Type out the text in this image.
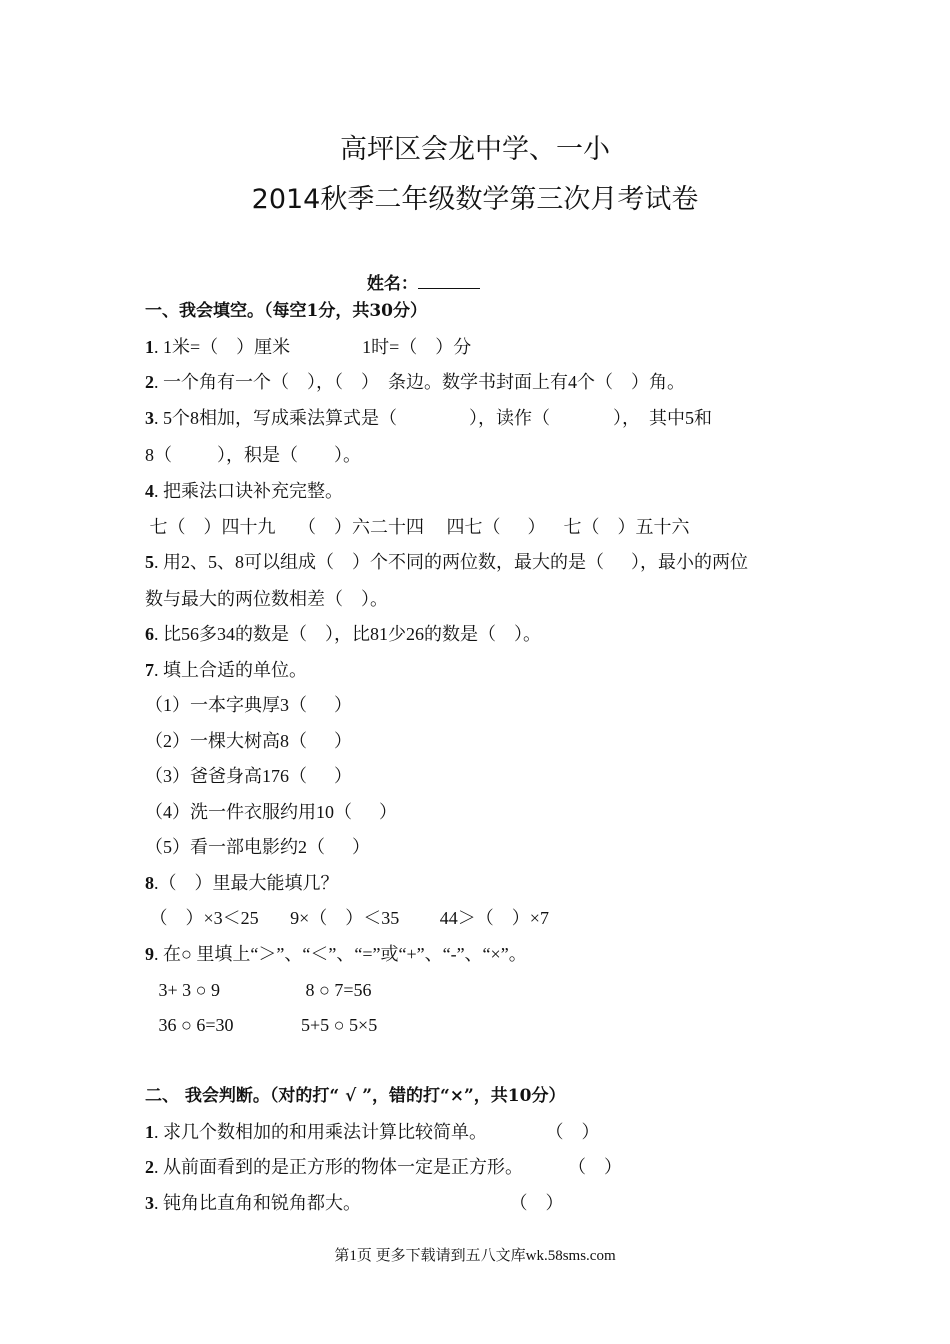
高坪区会龙中学、一小
2014秋季二年级数学第三次月考试卷

姓名：

一、我会填空。（每空1分，共30分）
1. 1米=（    ）厘米                1时=（    ）分
2. 一个角有一个（    ），（    ）  条边。数学书封面上有4个（    ）角。
3. 5个8相加，写成乘法算式是（                ），读作（              ），  其中5和
8（          ），积是（        ）。
4. 把乘法口诀补充完整。
七（    ）四十九     （    ）六二十四     四七（      ）    七（    ）五十六
5. 用2、5、8可以组成（    ）个不同的两位数，最大的是（      ），最小的两位
数与最大的两位数相差（    ）。
6. 比56多34的数是（    ），比81少26的数是（    ）。
7. 填上合适的单位。
（1）一本字典厚3（      ）
（2）一棵大树高8（      ）
（3）爸爸身高176（      ）
（4）洗一件衣服约用10（      ）
（5）看一部电影约2（      ）
8.（    ）里最大能填几？
（    ）×3＜25       9×（    ）＜35         44＞（    ）×7
9. 在○ 里填上“＞”、“＜”、“=”或“+”、“-”、“×”。
3+ 3 ○ 9                   8 ○ 7=56
36 ○ 6=30               5+5 ○ 5×5
二、 我会判断。（对的打“ √ ”，错的打“×”，共10分）
1. 求几个数相加的和用乘法计算比较简单。             （    ）
2. 从前面看到的是正方形的物体一定是正方形。          （    ）
3. 钝角比直角和锐角都大。                                 （    ）
第1页 更多下载请到五八文库wk.58sms.com
